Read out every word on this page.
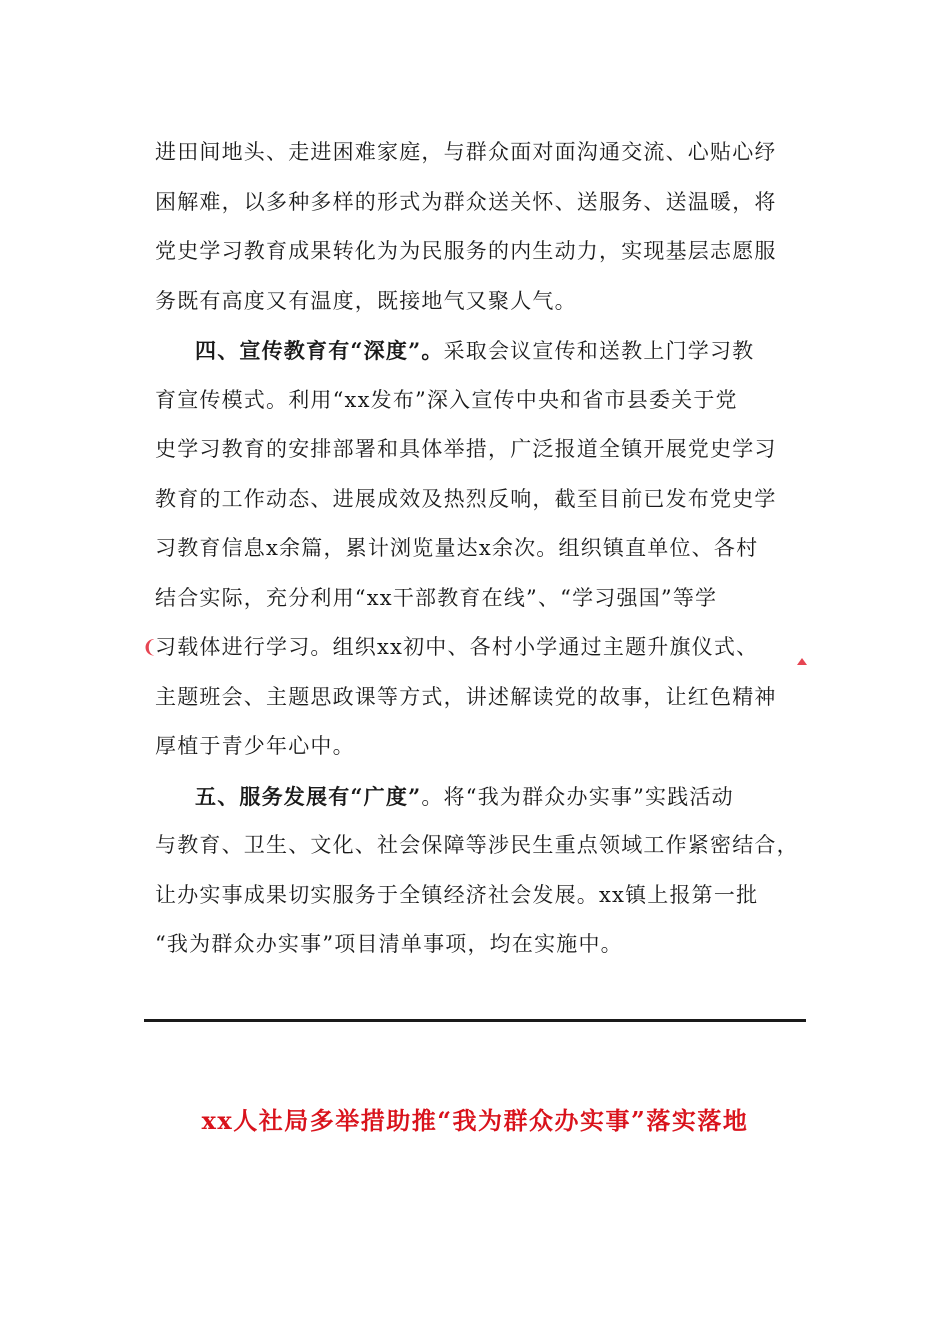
进田间地头、走进困难家庭，与群众面对面沟通交流、心贴心纾
困解难，以多种多样的形式为群众送关怀、送服务、送温暖，将
党史学习教育成果转化为为民服务的内生动力，实现基层志愿服
务既有高度又有温度，既接地气又聚人气。
四、宣传教育有“深度”。采取会议宣传和送教上门学习教
育宣传模式。利用“xx发布”深入宣传中央和省市县委关于党
史学习教育的安排部署和具体举措，广泛报道全镇开展党史学习
教育的工作动态、进展成效及热烈反响，截至目前已发布党史学
习教育信息x余篇，累计浏览量达x余次。组织镇直单位、各村
结合实际，充分利用“xx干部教育在线”、“学习强国”等学
习载体进行学习。组织xx初中、各村小学通过主题升旗仪式、
主题班会、主题思政课等方式，讲述解读党的故事，让红色精神
厚植于青少年心中。
五、服务发展有“广度”。将“我为群众办实事”实践活动
与教育、卫生、文化、社会保障等涉民生重点领域工作紧密结合，
让办实事成果切实服务于全镇经济社会发展。xx镇上报第一批
“我为群众办实事”项目清单事项，均在实施中。
❨
xx人社局多举措助推“我为群众办实事”落实落地
